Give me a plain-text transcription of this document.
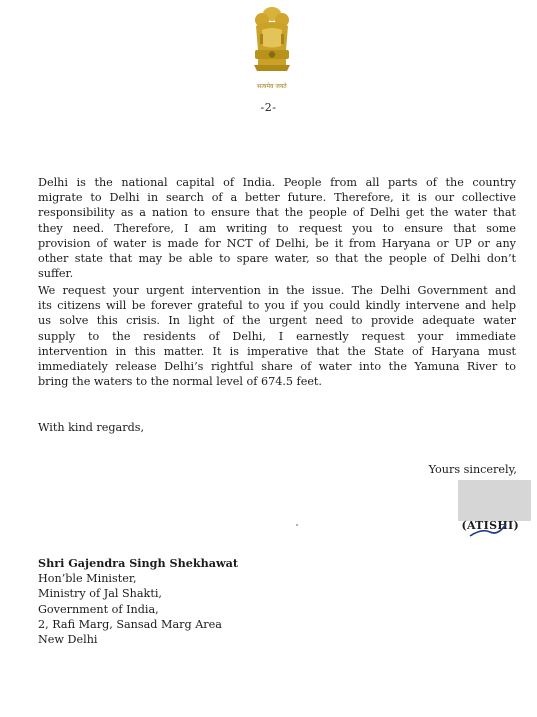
सत्यमेव जयते
-2-
Delhi is the national capital of India. People from all parts of the country
migrate to Delhi in search of a better future. Therefore, it is our collective
responsibility as a nation to ensure that the people of Delhi get the water that
they need. Therefore, I am writing to request you to ensure that some
provision of water is made for NCT of Delhi, be it from Haryana or UP or any
other state that may be able to spare water, so that the people of Delhi don’t
suffer.
We request your urgent intervention in the issue. The Delhi Government and
its citizens will be forever grateful to you if you could kindly intervene and help
us solve this crisis. In light of the urgent need to provide adequate water
supply to the residents of Delhi, I earnestly request your immediate
intervention in this matter. It is imperative that the State of Haryana must
immediately release Delhi’s rightful share of water into the Yamuna River to
bring the waters to the normal level of 674.5 feet.
With kind regards,
Yours sincerely,
(ATISHI)
Shri Gajendra Singh Shekhawat
Hon’ble Minister,
Ministry of Jal Shakti,
Government of India,
2, Rafi Marg, Sansad Marg Area
New Delhi
